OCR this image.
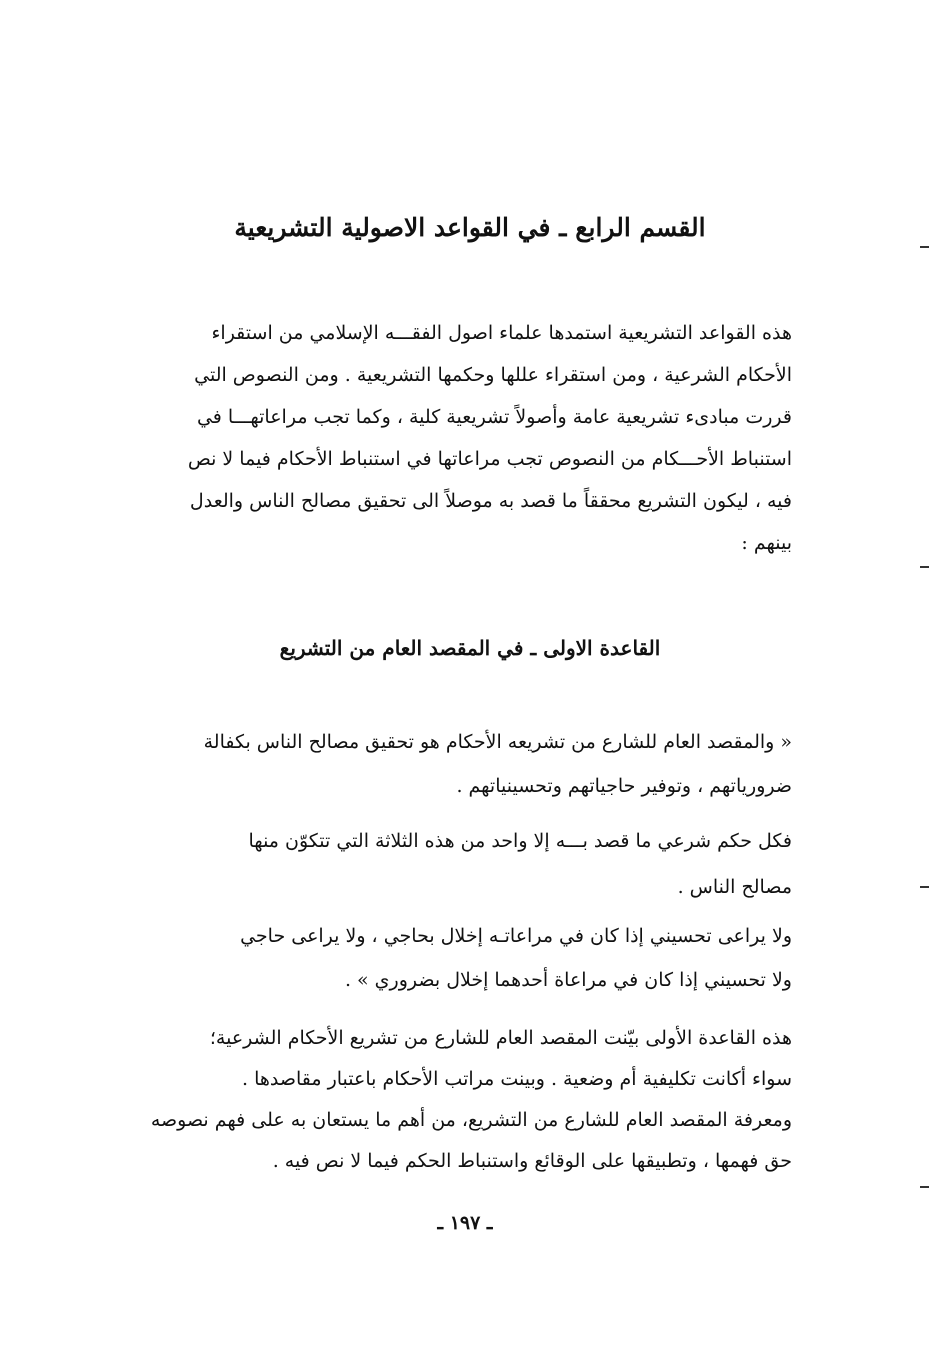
القسم الرابع ـ في القواعد الاصولية التشريعية
هذه القواعد التشريعية استمدها علماء اصول الفقـــه الإسلامي من استقراء
الأحكام الشرعية ، ومن استقراء عللها وحكمها التشريعية . ومن النصوص التي
قررت مبادىء تشريعية عامة وأصولاً تشريعية كلية ، وكما تجب مراعاتهـــا في
استنباط الأحـــكام من النصوص تجب مراعاتها في استنباط الأحكام فيما لا نص
فيه ، ليكون التشريع محققاً ما قصد به موصلاً الى تحقيق مصالح الناس والعدل
بينهم :
القاعدة الاولى ـ في المقصد العام من التشريع
« والمقصد العام للشارع من تشريعه الأحكام هو تحقيق مصالح الناس بكفالة
ضرورياتهم ، وتوفير حاجياتهم وتحسينياتهم .
فكل حكم شرعي ما قصد بـــه إلا واحد من هذه الثلاثة التي تتكوّن منها
مصالح الناس .
ولا يراعى تحسيني إذا كان في مراعاتـه إخلال بحاجي ، ولا يراعى حاجي
ولا تحسيني إذا كان في مراعاة أحدهما إخلال بضروري » .
هذه القاعدة الأولى بيّنت المقصد العام للشارع من تشريع الأحكام الشرعية؛
سواء أكانت تكليفية أم وضعية . وبينت مراتب الأحكام باعتبار مقاصدها .
ومعرفة المقصد العام للشارع من التشريع، من أهم ما يستعان به على فهم نصوصه
حق فهمها ، وتطبيقها على الوقائع واستنباط الحكم فيما لا نص فيه .
ـ ١٩٧ ـ
